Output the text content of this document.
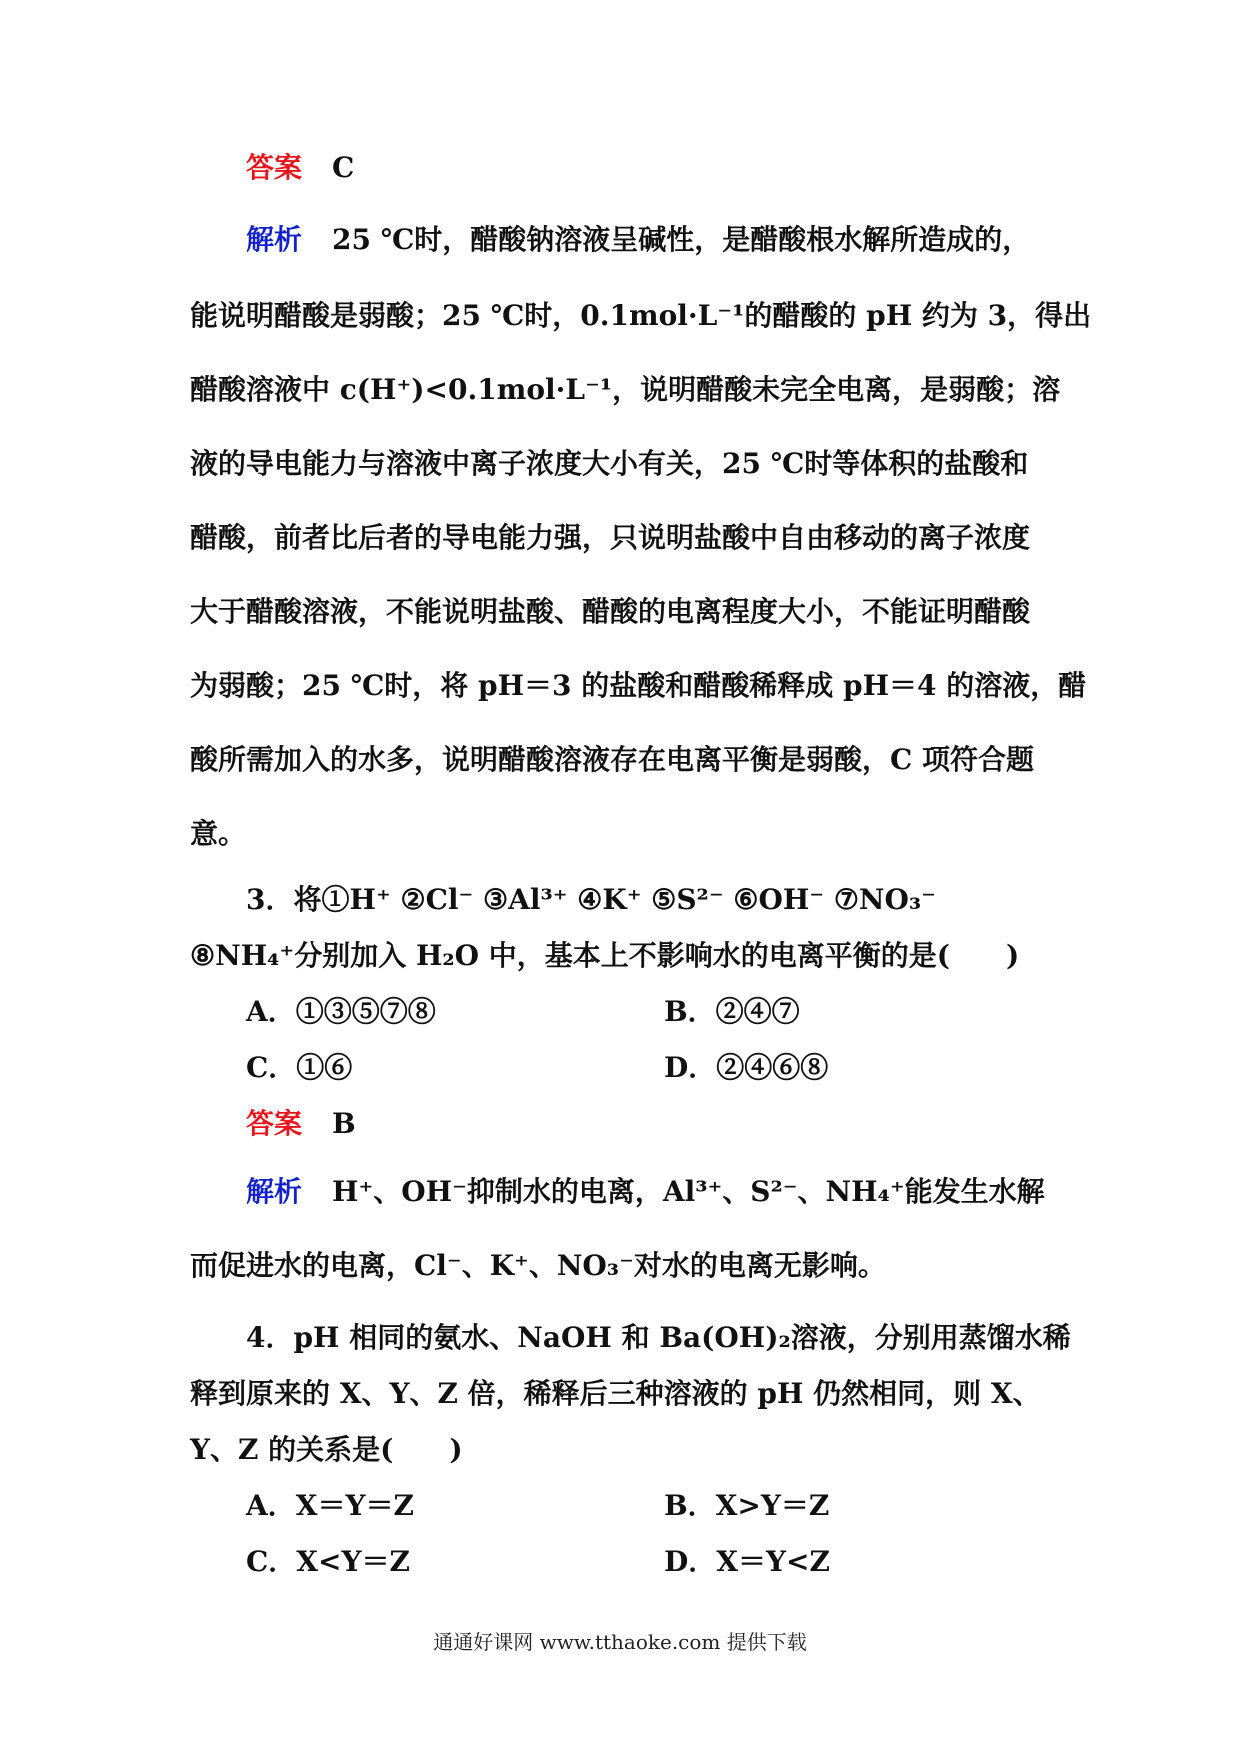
答案 C
解析 25 ℃时，醋酸钠溶液呈碱性，是醋酸根水解所造成的，
能说明醋酸是弱酸；25 ℃时，0.1mol·L⁻¹的醋酸的 pH 约为 3，得出
醋酸溶液中 c(H⁺)<0.1mol·L⁻¹，说明醋酸未完全电离，是弱酸；溶
液的导电能力与溶液中离子浓度大小有关，25 ℃时等体积的盐酸和
醋酸，前者比后者的导电能力强，只说明盐酸中自由移动的离子浓度
大于醋酸溶液，不能说明盐酸、醋酸的电离程度大小，不能证明醋酸
为弱酸；25 ℃时，将 pH＝3 的盐酸和醋酸稀释成 pH＝4 的溶液，醋
酸所需加入的水多，说明醋酸溶液存在电离平衡是弱酸，C 项符合题
意。
3．将①H⁺ ②Cl⁻ ③Al³⁺ ④K⁺ ⑤S²⁻ ⑥OH⁻ ⑦NO₃⁻
⑧NH₄⁺分别加入 H₂O 中，基本上不影响水的电离平衡的是(　　)
A．①③⑤⑦⑧	B．②④⑦
C．①⑥	D．②④⑥⑧
答案 B
解析 H⁺、OH⁻抑制水的电离，Al³⁺、S²⁻、NH₄⁺能发生水解
而促进水的电离，Cl⁻、K⁺、NO₃⁻对水的电离无影响。
4．pH 相同的氨水、NaOH 和 Ba(OH)₂溶液，分别用蒸馏水稀
释到原来的 X、Y、Z 倍，稀释后三种溶液的 pH 仍然相同，则 X、
Y、Z 的关系是(　　)
A．X＝Y＝Z	B．X>Y＝Z
C．X<Y＝Z	D．X＝Y<Z
通通好课网 www.tthaoke.com 提供下载
